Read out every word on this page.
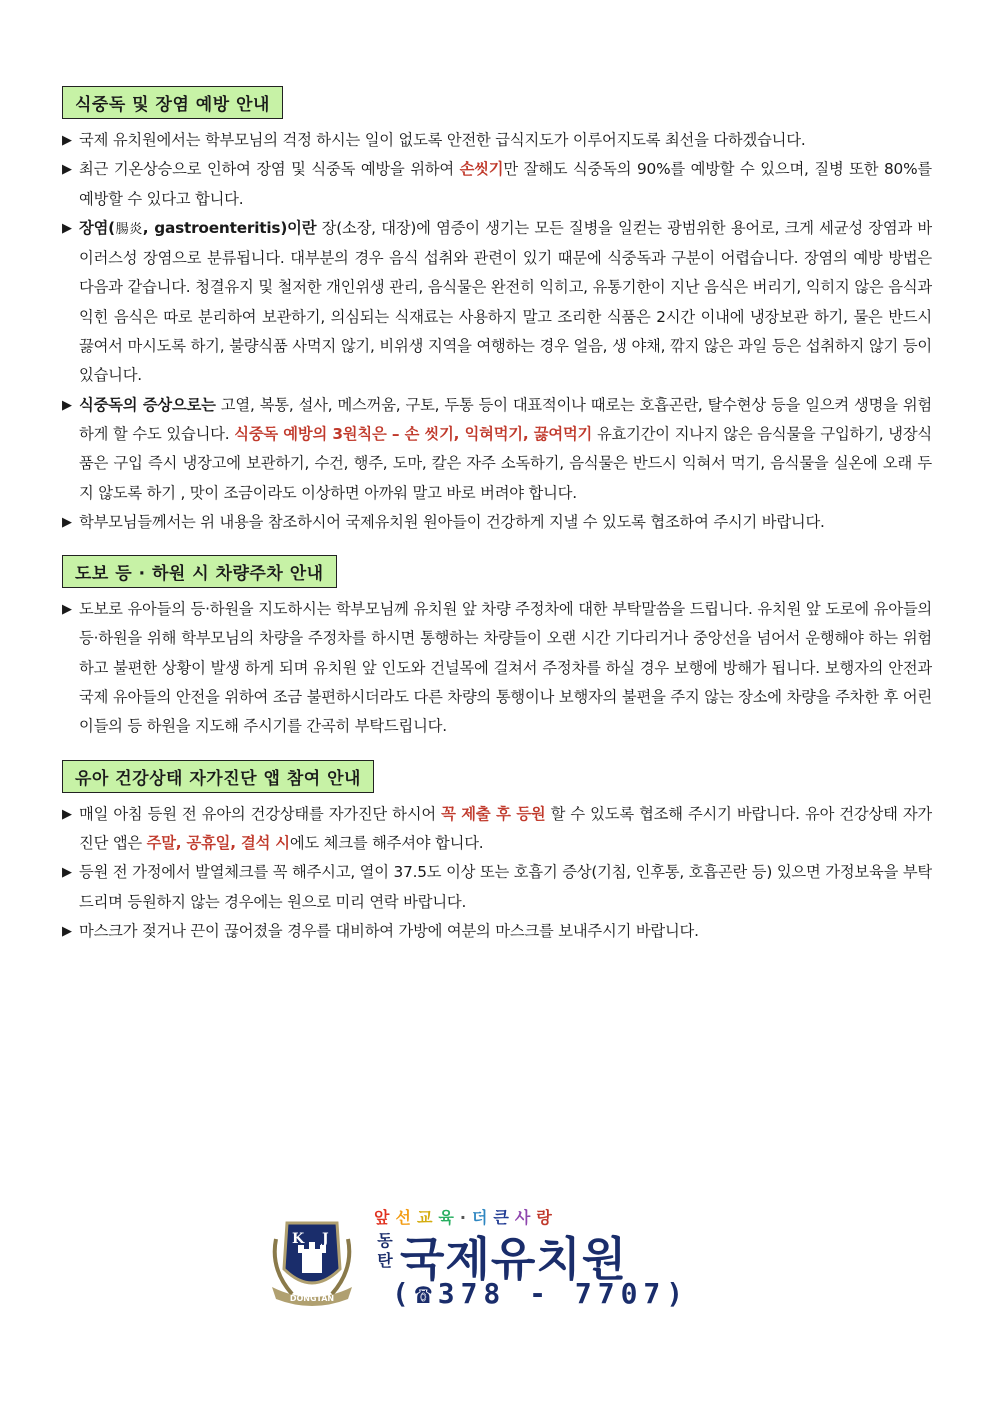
식중독 및 장염 예방 안내
▶ 국제 유치원에서는 학부모님의 걱정 하시는 일이 없도록 안전한 급식지도가 이루어지도록 최선을 다하겠습니다.
▶ 최근 기온상승으로 인하여 장염 및 식중독 예방을 위하여 손씻기만 잘해도 식중독의 90%를 예방할 수 있으며, 질병 또한 80%를 예방할 수 있다고 합니다.
▶ 장염(腸炎, gastroenteritis)이란 장(소장, 대장)에 염증이 생기는 모든 질병을 일컫는 광범위한 용어로, 크게 세균성 장염과 바이러스성 장염으로 분류됩니다. 대부분의 경우 음식 섭취와 관련이 있기 때문에 식중독과 구분이 어렵습니다. 장염의 예방 방법은 다음과 같습니다. 청결유지 및 철저한 개인위생 관리, 음식물은 완전히 익히고, 유통기한이 지난 음식은 버리기, 익히지 않은 음식과 익힌 음식은 따로 분리하여 보관하기, 의심되는 식재료는 사용하지 말고 조리한 식품은 2시간 이내에 냉장보관 하기, 물은 반드시 끓여서 마시도록 하기, 불량식품 사먹지 않기, 비위생 지역을 여행하는 경우 얼음, 생 야채, 깎지 않은 과일 등은 섭취하지 않기 등이 있습니다.
▶ 식중독의 증상으로는 고열, 복통, 설사, 메스꺼움, 구토, 두통 등이 대표적이나 때로는 호흡곤란, 탈수현상 등을 일으켜 생명을 위험 하게 할 수도 있습니다. 식중독 예방의 3원칙은 – 손 씻기, 익혀먹기, 끓여먹기 유효기간이 지나지 않은 음식물을 구입하기, 냉장식품은 구입 즉시 냉장고에 보관하기, 수건, 행주, 도마, 칼은 자주 소독하기, 음식물은 반드시 익혀서 먹기, 음식물을 실온에 오래 두지 않도록 하기 , 맛이 조금이라도 이상하면 아까워 말고 바로 버려야 합니다.
▶ 학부모님들께서는 위 내용을 참조하시어 국제유치원 원아들이 건강하게 지낼 수 있도록 협조하여 주시기 바랍니다.
도보 등 · 하원 시 차량주차 안내
▶ 도보로 유아들의 등·하원을 지도하시는 학부모님께 유치원 앞 차량 주정차에 대한 부탁말씀을 드립니다. 유치원 앞 도로에 유아들의 등·하원을 위해 학부모님의 차량을 주정차를 하시면 통행하는 차량들이 오랜 시간 기다리거나 중앙선을 넘어서 운행해야 하는 위험하고 불편한 상황이 발생 하게 되며 유치원 앞 인도와 건널목에 걸쳐서 주정차를 하실 경우 보행에 방해가 됩니다. 보행자의 안전과 국제 유아들의 안전을 위하여 조금 불편하시더라도 다른 차량의 통행이나 보행자의 불편을 주지 않는 장소에 차량을 주차한 후 어린이들의 등 하원을 지도해 주시기를 간곡히 부탁드립니다.
유아 건강상태 자가진단 앱 참여 안내
▶ 매일 아침 등원 전 유아의 건강상태를 자가진단 하시어 꼭 제출 후 등원 할 수 있도록 협조해 주시기 바랍니다. 유아 건강상태 자가진단 앱은 주말, 공휴일, 결석 시에도 체크를 해주셔야 합니다.
▶ 등원 전 가정에서 발열체크를 꼭 해주시고, 열이 37.5도 이상 또는 호흡기 증상(기침, 인후통, 호흡곤란 등) 있으면 가정보육을 부탁드리며 등원하지 않는 경우에는 원으로 미리 연락 바랍니다.
▶ 마스크가 젖거나 끈이 끊어졌을 경우를 대비하여 가방에 여분의 마스크를 보내주시기 바랍니다.
K J
DONGTAN
앞선교육·더큰사랑
동
탄 국제유치원
(☎378 - 7707)
